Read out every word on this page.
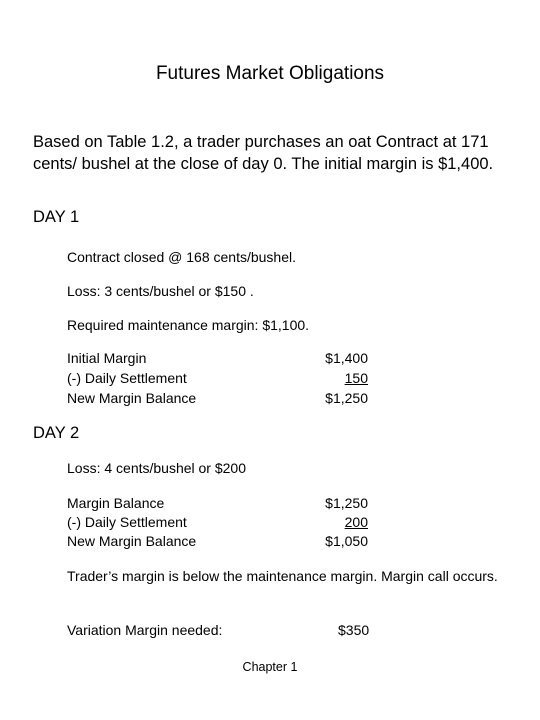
Futures Market Obligations
Based on Table 1.2, a trader purchases an oat Contract at 171 cents/ bushel at the close of day 0. The initial margin is $1,400.
DAY 1
Contract closed @ 168 cents/bushel.
Loss: 3 cents/bushel or $150 .
Required maintenance margin: $1,100.
Initial Margin	$1,400
(-) Daily Settlement	150
New Margin Balance	$1,250
DAY 2
Loss: 4 cents/bushel or $200
Margin Balance	$1,250
(-) Daily Settlement	200
New Margin Balance	$1,050
Trader’s margin is below the maintenance margin. Margin call occurs.
Variation Margin needed:	$350
Chapter 1
